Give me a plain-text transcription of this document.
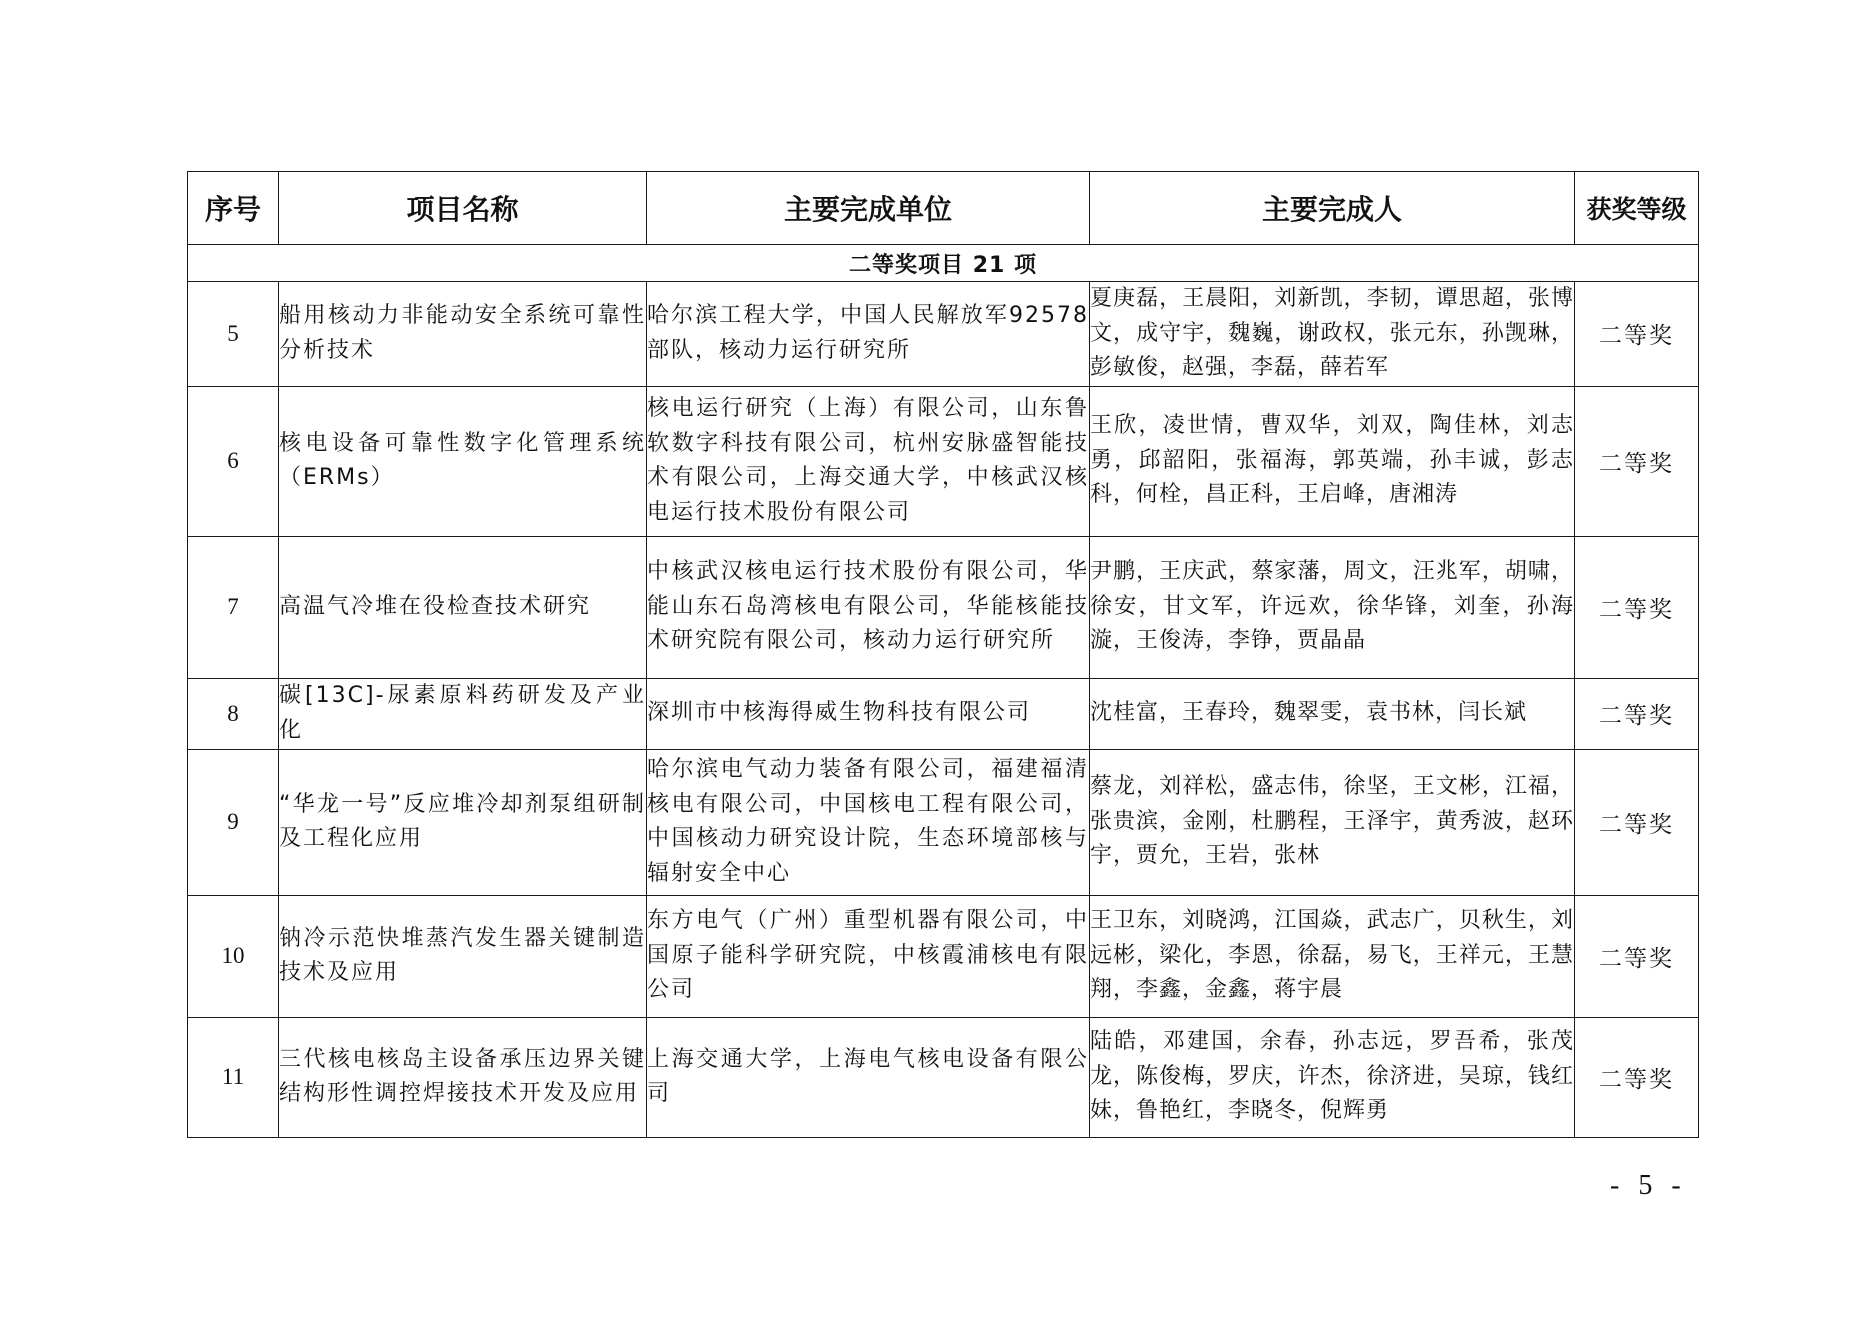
序号	项目名称	主要完成单位	主要完成人	获奖等级
二等奖项目 21 项				
5	船用核动力非能动安全系统可靠性分析技术	哈尔滨工程大学，中国人民解放军92578 部队，核动力运行研究所	夏庚磊，王晨阳，刘新凯，李韧，谭思超，张博文，成守宇，魏巍，谢政权，张元东，孙觊琳，彭敏俊，赵强，李磊，薛若军	二等奖
6	核电设备可靠性数字化管理系统（ERMs）	核电运行研究（上海）有限公司，山东鲁软数字科技有限公司，杭州安脉盛智能技术有限公司，上海交通大学，中核武汉核电运行技术股份有限公司	王欣，凌世情，曹双华，刘双，陶佳林，刘志勇，邱韶阳，张福海，郭英端，孙丰诚，彭志科，何栓，昌正科，王启峰，唐湘涛	二等奖
7	高温气冷堆在役检查技术研究	中核武汉核电运行技术股份有限公司，华能山东石岛湾核电有限公司，华能核能技术研究院有限公司，核动力运行研究所	尹鹏，王庆武，蔡家藩，周文，汪兆军，胡啸，徐安，甘文军，许远欢，徐华锋，刘奎，孙海漩，王俊涛，李铮，贾晶晶	二等奖
8	碳[13C]-尿素原料药研发及产业化	深圳市中核海得威生物科技有限公司	沈桂富，王春玲，魏翠雯，袁书林，闫长斌	二等奖
9	“华龙一号”反应堆冷却剂泵组研制及工程化应用	哈尔滨电气动力装备有限公司，福建福清核电有限公司，中国核电工程有限公司，中国核动力研究设计院，生态环境部核与辐射安全中心	蔡龙，刘祥松，盛志伟，徐坚，王文彬，江福，张贵滨，金刚，杜鹏程，王泽宇，黄秀波，赵环宇，贾允，王岩，张林	二等奖
10	钠冷示范快堆蒸汽发生器关键制造技术及应用	东方电气（广州）重型机器有限公司，中国原子能科学研究院，中核霞浦核电有限公司	王卫东，刘晓鸿，江国焱，武志广，贝秋生，刘远彬，梁化，李恩，徐磊，易飞，王祥元，王慧翔，李鑫，金鑫，蒋宇晨	二等奖
11	三代核电核岛主设备承压边界关键结构形性调控焊接技术开发及应用	上海交通大学，上海电气核电设备有限公司	陆皓，邓建国，余春，孙志远，罗吾希，张茂龙，陈俊梅，罗庆，许杰，徐济进，吴琼，钱红妹，鲁艳红，李晓冬，倪辉勇	二等奖
- 5 -
